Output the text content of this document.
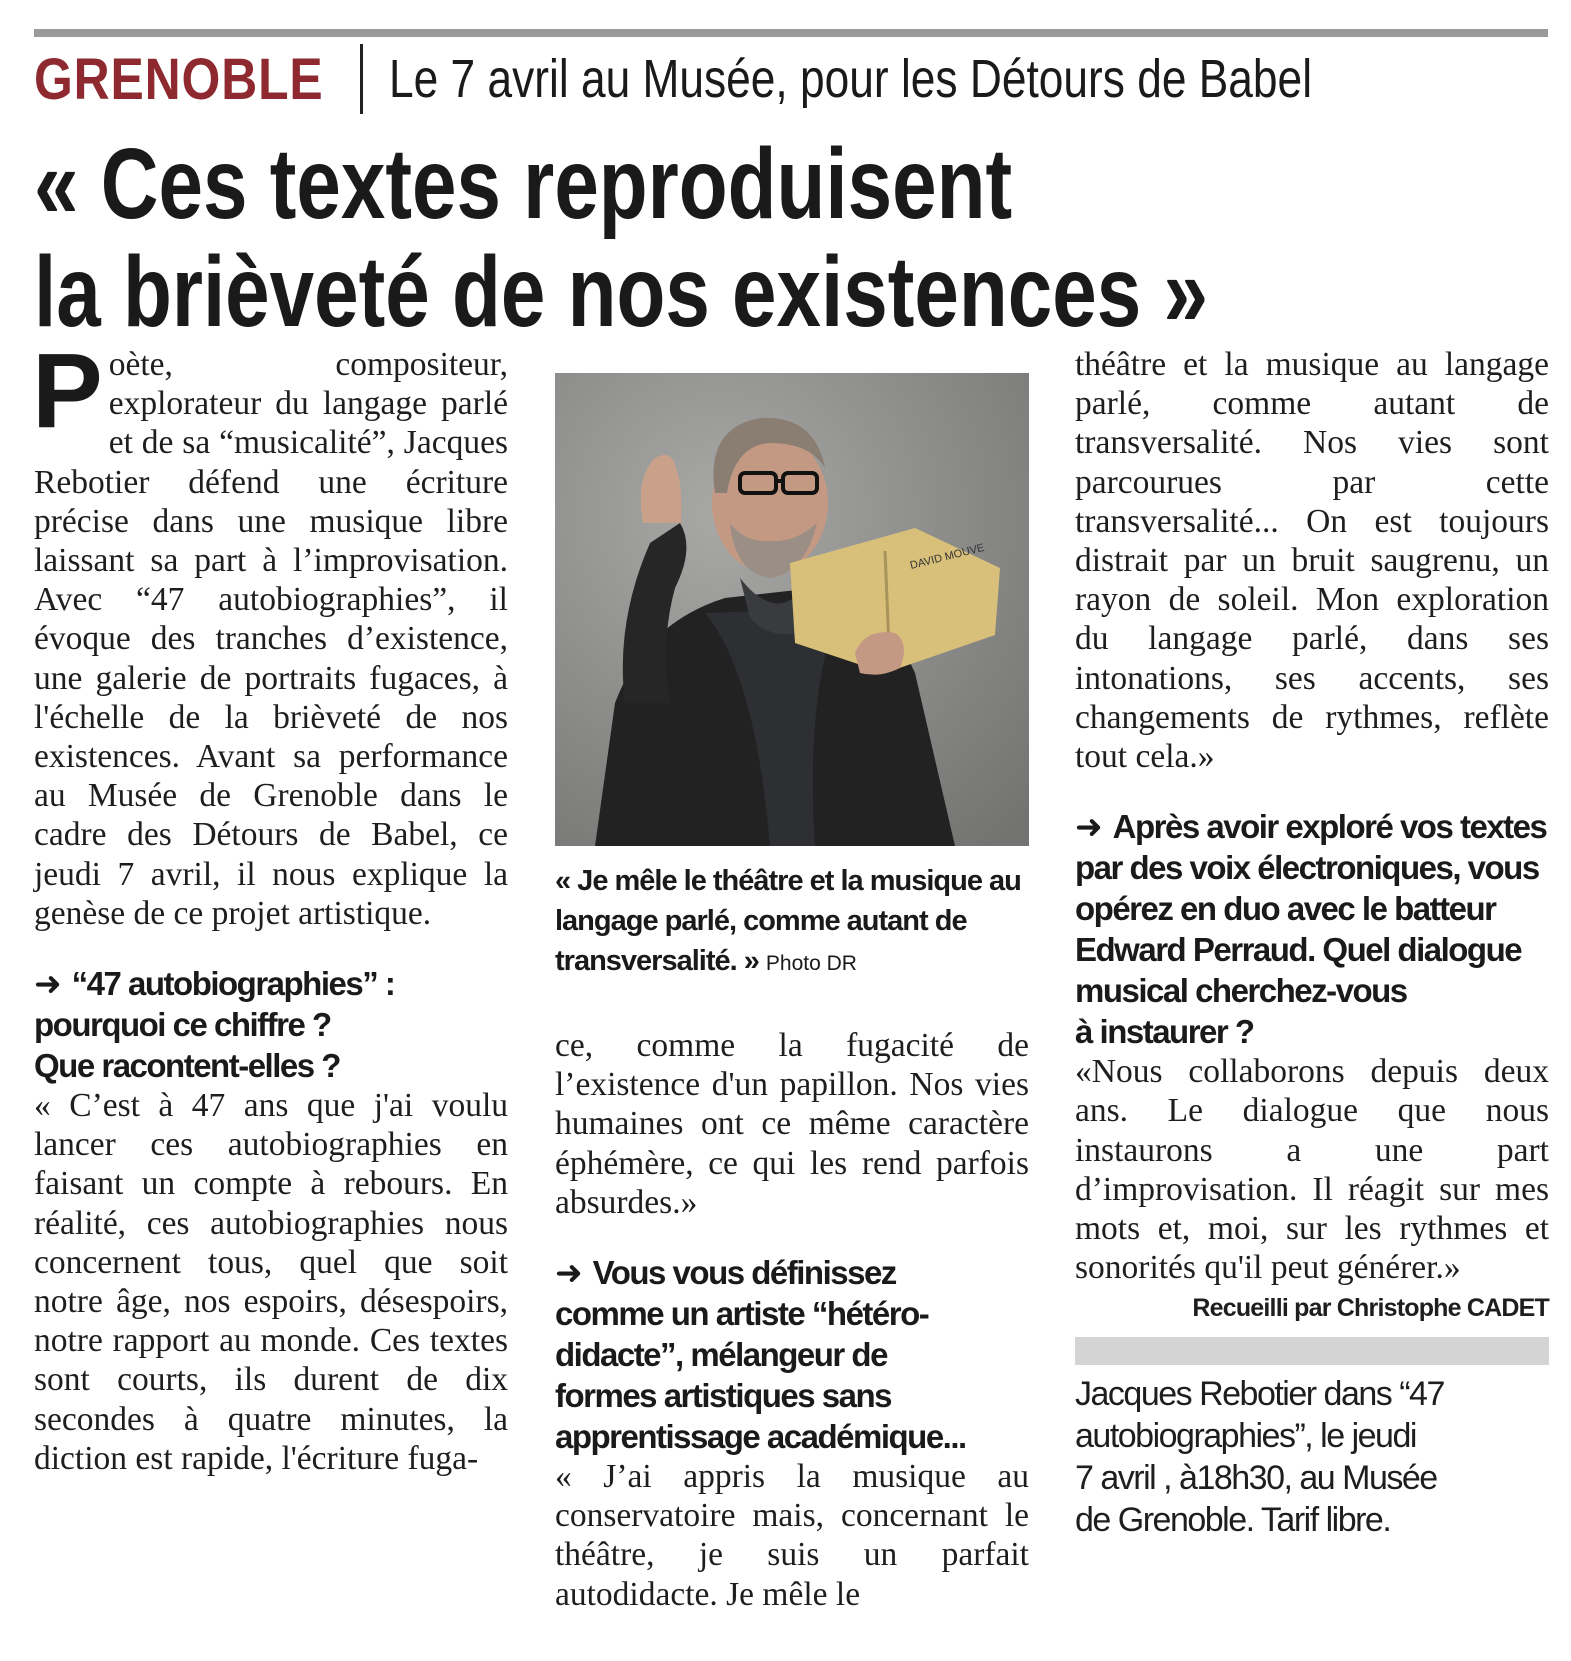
GRENOBLE Le 7 avril au Musée, pour les Détours de Babel
« Ces textes reproduisent
la brièveté de nos existences »

Poète, compositeur, explorateur du langage parlé et de sa “musicalité”, Jacques Rebotier défend une écriture précise dans une musique libre laissant sa part à l’improvisation. Avec “47 autobiographies”, il évoque des tranches d’existence, une galerie de portraits fugaces, à l'échelle de la brièveté de nos existences. Avant sa performance au Musée de Grenoble dans le cadre des Détours de Babel, ce jeudi 7 avril, il nous explique la genèse de ce projet artistique.

➜ “47 autobiographies” :
pourquoi ce chiffre ?
Que racontent-elles ?

« C’est à 47 ans que j'ai voulu lancer ces autobiographies en faisant un compte à rebours. En réalité, ces autobiographies nous concernent tous, quel que soit notre âge, nos espoirs, désespoirs, notre rapport au monde. Ces textes sont courts, ils durent de dix secondes à quatre minutes, la diction est rapide, l'écriture fuga-

DAVID MOUVE
« Je mêle le théâtre et la musique au langage parlé, comme autant de transversalité. » Photo DR

ce, comme la fugacité de l’existence d'un papillon. Nos vies humaines ont ce même caractère éphémère, ce qui les rend parfois absurdes.»

➜ Vous vous définissez
comme un artiste “hétéro-
didacte”, mélangeur de
formes artistiques sans
apprentissage académique...

« J’ai appris la musique au conservatoire mais, concernant le théâtre, je suis un parfait autodidacte. Je mêle le

théâtre et la musique au langage parlé, comme autant de transversalité. Nos vies sont parcourues par cette transversalité... On est toujours distrait par un bruit saugrenu, un rayon de soleil. Mon exploration du langage parlé, dans ses intonations, ses accents, ses changements de rythmes, reflète tout cela.»

➜ Après avoir exploré vos textes
par des voix électroniques, vous
opérez en duo avec le batteur
Edward Perraud. Quel dialogue
musical cherchez-vous
à instaurer ?

«Nous collaborons depuis deux ans. Le dialogue que nous instaurons a une part d’improvisation. Il réagit sur mes mots et, moi, sur les rythmes et sonorités qu'il peut générer.»

Recueilli par Christophe CADET
Jacques Rebotier dans “47
autobiographies”, le jeudi
7 avril , à18h30, au Musée
de Grenoble. Tarif libre.
